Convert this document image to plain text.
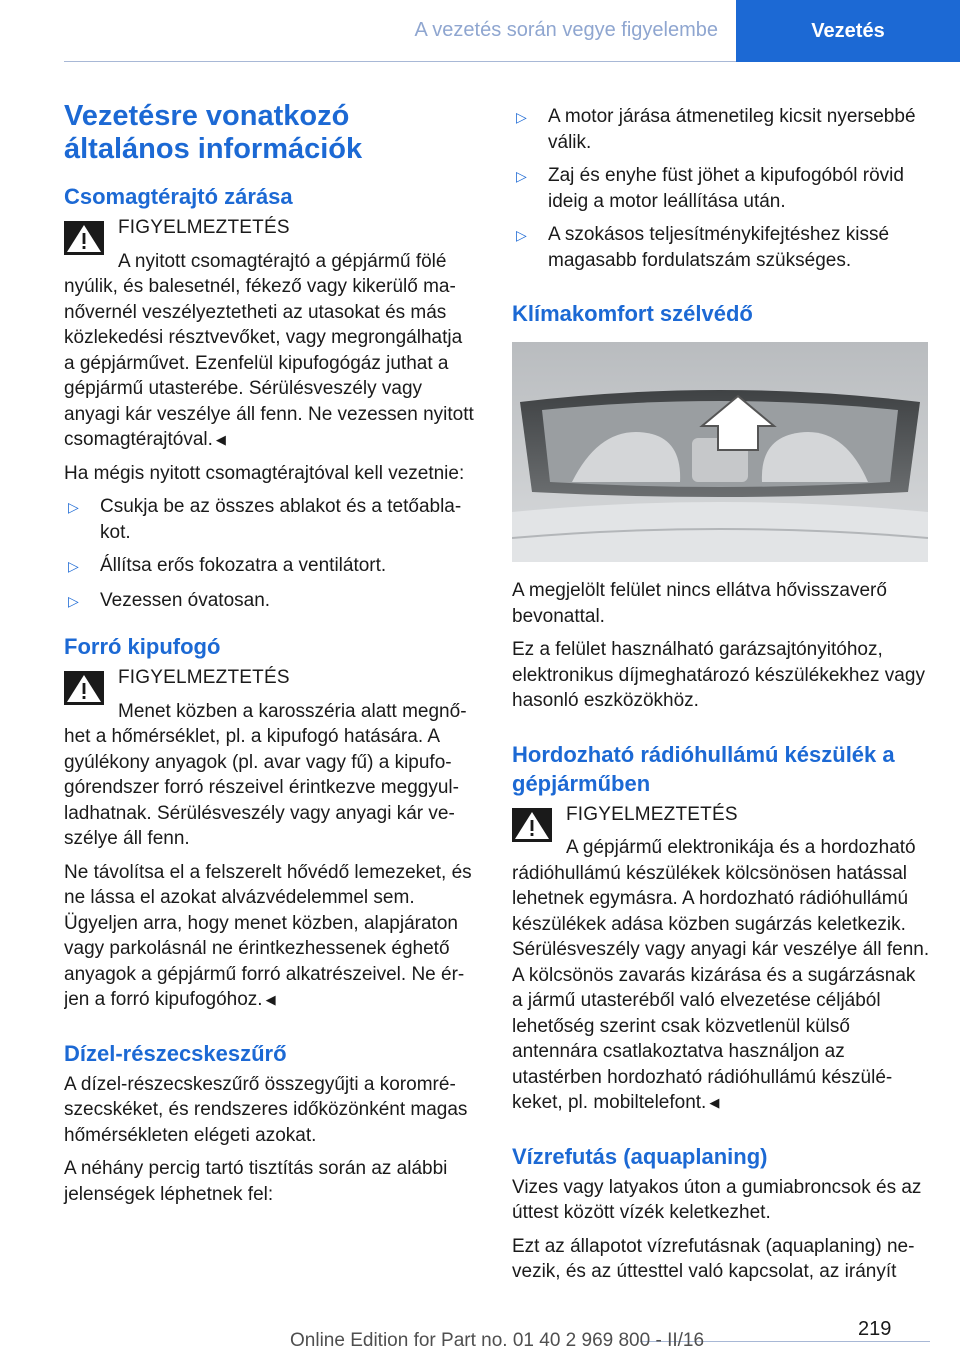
A vezetés során vegye figyelembe	Vezetés
Vezetésre vonatkozó általános információk
Csomagtérajtó zárása

FIGYELMEZTETÉS

A nyitott csomagtérajtó a gépjármű fölé nyúlik, és balesetnél, fékező vagy kikerülő manővernél veszélyeztetheti az utasokat és más közlekedési résztvevőket, vagy megrongálhatja a gépjárművet. Ezenfelül kipufogógáz juthat a gépjármű utasterébe. Sérülésveszély vagy anyagi kár veszélye áll fenn. Ne vezessen nyitott csomagtérajtóval. ◀

Ha mégis nyitott csomagtérajtóval kell vezetnie:

▷	Csukja be az összes ablakot és a tetőablakot.
▷	Állítsa erős fokozatra a ventilátort.
▷	Vezessen óvatosan.
Forró kipufogó

FIGYELMEZTETÉS

Menet közben a karosszéria alatt megnőhet a hőmérséklet, pl. a kipufogó hatására. A gyúlékony anyagok (pl. avar vagy fű) a kipufogórendszer forró részeivel érintkezve meggyulladhatnak. Sérülésveszély vagy anyagi kár veszélye áll fenn.

Ne távolítsa el a felszerelt hővédő lemezeket, és ne lássa el azokat alvázvédelemmel sem. Ügyeljen arra, hogy menet közben, alapjáraton vagy parkolásnál ne érintkezhessenek éghető anyagok a gépjármű forró alkatrészeivel. Ne érjen a forró kipufogóhoz. ◀

Dízel-részecskeszűrő

A dízel-részecskeszűrő összegyűjti a koromrészecskéket, és rendszeres időközönként magas hőmérsékleten elégeti azokat.

A néhány percig tartó tisztítás során az alábbi jelenségek léphetnek fel:

▷	A motor járása átmenetileg kicsit nyersebbé válik.
▷	Zaj és enyhe füst jöhet a kipufogóból rövid ideig a motor leállítása után.
▷	A szokásos teljesítménykifejtéshez kissé magasabb fordulatszám szükséges.
Klímakomfort szélvédő

A megjelölt felület nincs ellátva hővisszaverő bevonattal.

Ez a felület használható garázsajtónyitóhoz, elektronikus díjmeghatározó készülékekhez vagy hasonló eszközökhöz.

Hordozható rádióhullámú készülék a gépjárműben

FIGYELMEZTETÉS

A gépjármű elektronikája és a hordozható rádióhullámú készülékek kölcsönösen hatással lehetnek egymásra. A hordozható rádióhullámú készülékek adása közben sugárzás keletkezik. Sérülésveszély vagy anyagi kár veszélye áll fenn. A kölcsönös zavarás kizárása és a sugárzásnak a jármű utasteréből való elvezetése céljából lehetőség szerint csak közvetlenül külső antennára csatlakoztatva használjon az utastérben hordozható rádióhullámú készülékeket, pl. mobiltelefont. ◀

Vízrefutás (aquaplaning)

Vizes vagy latyakos úton a gumiabroncsok és az úttest között vízék keletkezhet.

Ezt az állapotot vízrefutásnak (aquaplaning) nevezik, és az úttesttel való kapcsolat, az irányít

219
Online Edition for Part no. 01 40 2 969 800 - II/16
